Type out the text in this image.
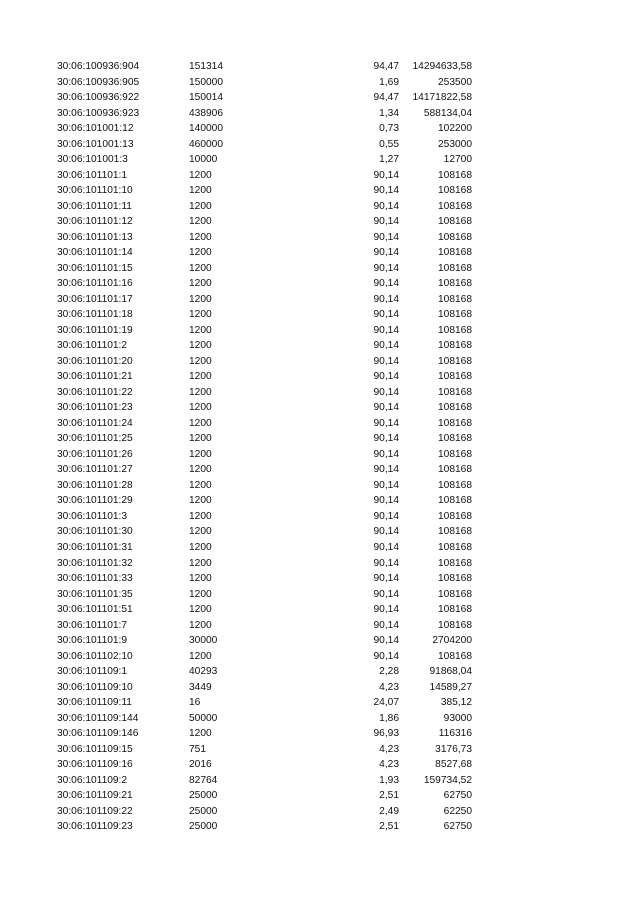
30:06:100936:904	151314	94,47	14294633,58
30:06:100936:905	150000	1,69	253500
30:06:100936:922	150014	94,47	14171822,58
30:06:100936:923	438906	1,34	588134,04
30:06:101001:12	140000	0,73	102200
30:06:101001:13	460000	0,55	253000
30:06:101001:3	10000	1,27	12700
30:06:101101:1	1200	90,14	108168
30:06:101101:10	1200	90,14	108168
30:06:101101:11	1200	90,14	108168
30:06:101101:12	1200	90,14	108168
30:06:101101:13	1200	90,14	108168
30:06:101101:14	1200	90,14	108168
30:06:101101:15	1200	90,14	108168
30:06:101101:16	1200	90,14	108168
30:06:101101:17	1200	90,14	108168
30:06:101101:18	1200	90,14	108168
30:06:101101:19	1200	90,14	108168
30:06:101101:2	1200	90,14	108168
30:06:101101:20	1200	90,14	108168
30:06:101101:21	1200	90,14	108168
30:06:101101:22	1200	90,14	108168
30:06:101101:23	1200	90,14	108168
30:06:101101:24	1200	90,14	108168
30:06:101101:25	1200	90,14	108168
30:06:101101:26	1200	90,14	108168
30:06:101101:27	1200	90,14	108168
30:06:101101:28	1200	90,14	108168
30:06:101101:29	1200	90,14	108168
30:06:101101:3	1200	90,14	108168
30:06:101101:30	1200	90,14	108168
30:06:101101:31	1200	90,14	108168
30:06:101101:32	1200	90,14	108168
30:06:101101:33	1200	90,14	108168
30:06:101101:35	1200	90,14	108168
30:06:101101:51	1200	90,14	108168
30:06:101101:7	1200	90,14	108168
30:06:101101:9	30000	90,14	2704200
30:06:101102:10	1200	90,14	108168
30:06:101109:1	40293	2,28	91868,04
30:06:101109:10	3449	4,23	14589,27
30:06:101109:11	16	24,07	385,12
30:06:101109:144	50000	1,86	93000
30:06:101109:146	1200	96,93	116316
30:06:101109:15	751	4,23	3176,73
30:06:101109:16	2016	4,23	8527,68
30:06:101109:2	82764	1,93	159734,52
30:06:101109:21	25000	2,51	62750
30:06:101109:22	25000	2,49	62250
30:06:101109:23	25000	2,51	62750
